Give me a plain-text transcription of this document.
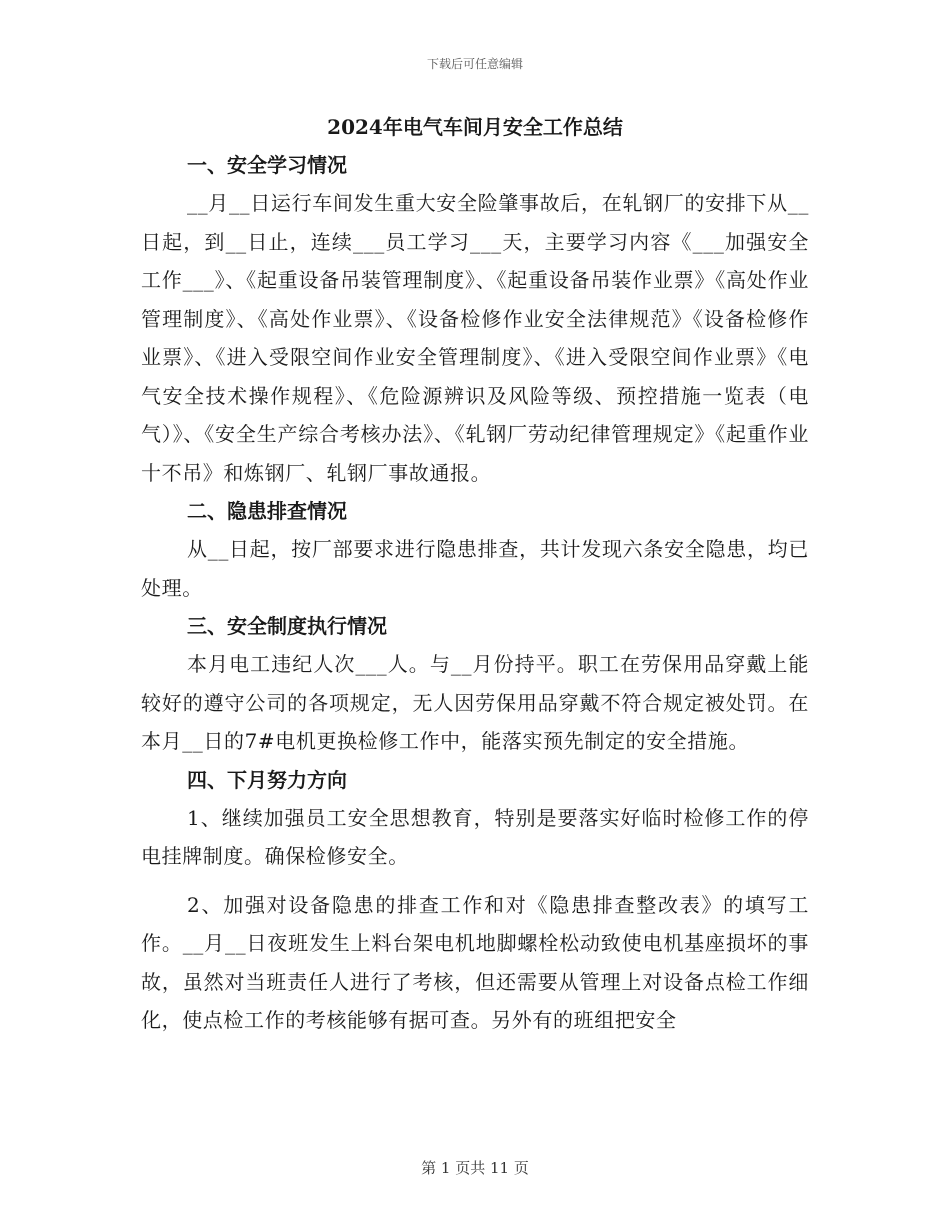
下载后可任意编辑
2024年电气车间月安全工作总结
一、安全学习情况

__月__日运行车间发生重大安全险肇事故后，在轧钢厂的安排下从__日起，到__日止，连续___员工学习___天，主要学习内容《___加强安全工作___》、《起重设备吊装管理制度》、《起重设备吊装作业票》《高处作业管理制度》、《高处作业票》、《设备检修作业安全法律规范》《设备检修作业票》、《进入受限空间作业安全管理制度》、《进入受限空间作业票》《电气安全技术操作规程》、《危险源辨识及风险等级、预控措施一览表（电气）》、《安全生产综合考核办法》、《轧钢厂劳动纪律管理规定》《起重作业十不吊》和炼钢厂、轧钢厂事故通报。

二、隐患排查情况

从__日起，按厂部要求进行隐患排查，共计发现六条安全隐患，均已处理。

三、安全制度执行情况

本月电工违纪人次___人。与__月份持平。职工在劳保用品穿戴上能较好的遵守公司的各项规定，无人因劳保用品穿戴不符合规定被处罚。在本月__日的7#电机更换检修工作中，能落实预先制定的安全措施。

四、下月努力方向

1、继续加强员工安全思想教育，特别是要落实好临时检修工作的停电挂牌制度。确保检修安全。

2、加强对设备隐患的排查工作和对《隐患排查整改表》的填写工作。__月__日夜班发生上料台架电机地脚螺栓松动致使电机基座损坏的事故，虽然对当班责任人进行了考核，但还需要从管理上对设备点检工作细化，使点检工作的考核能够有据可查。另外有的班组把安全

第 1 页共 11 页
